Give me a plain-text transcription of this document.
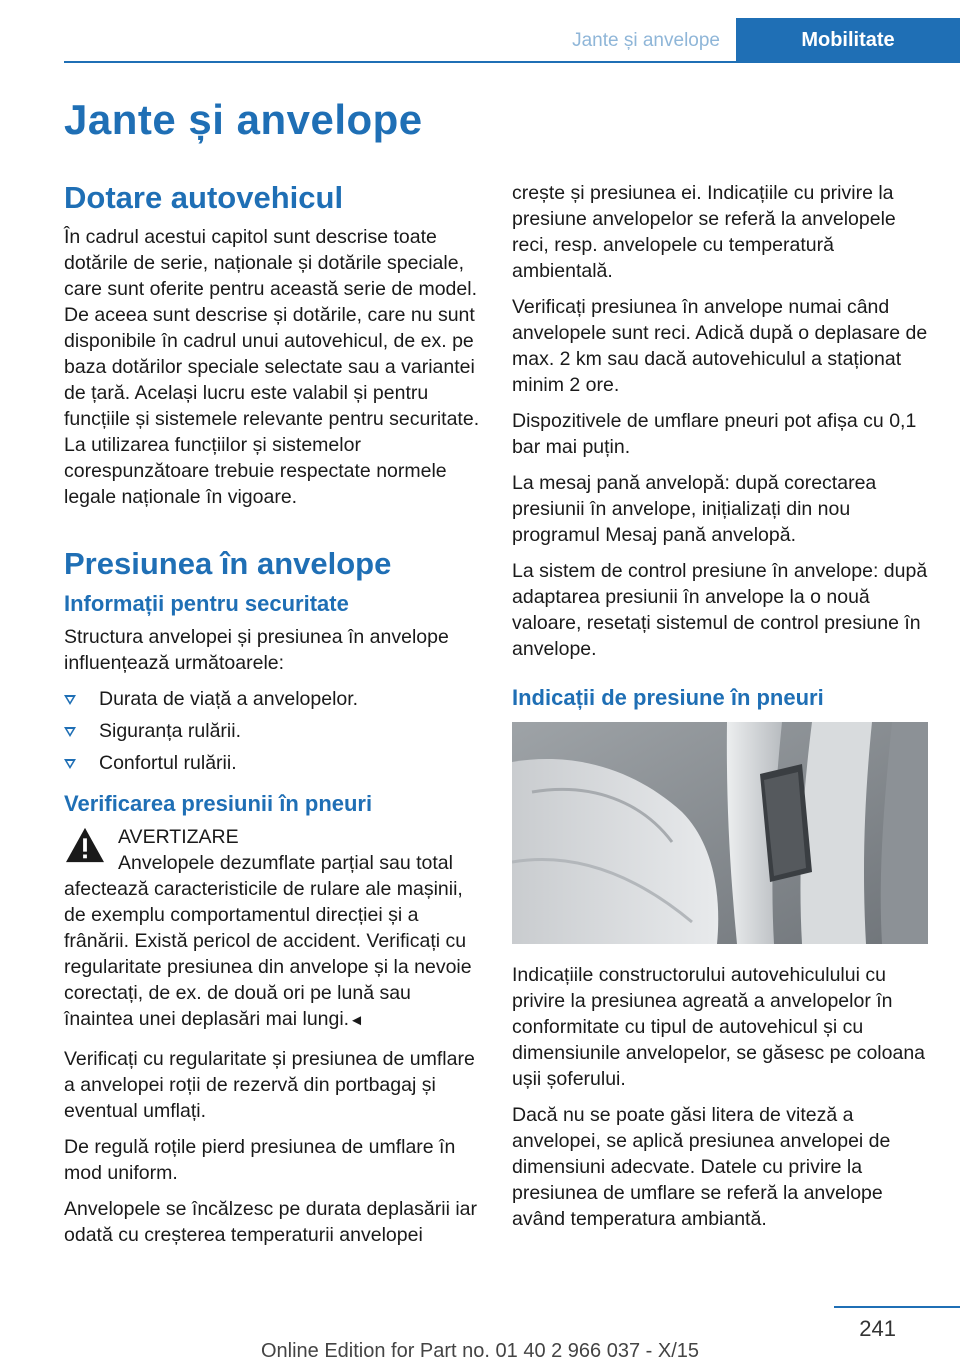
Jante și anvelope	Mobilitate
Jante și anvelope
Dotare autovehicul

În cadrul acestui capitol sunt descrise toate dotările de serie, naționale și dotările speciale, care sunt oferite pentru această serie de model. De aceea sunt descrise și dotările, care nu sunt disponibile în cadrul unui autovehicul, de ex. pe baza dotărilor speciale selectate sau a variantei de țară. Același lucru este valabil și pentru funcțiile și sistemele relevante pentru securitate. La utilizarea funcțiilor și sistemelor corespunzătoare trebuie respectate normele legale naționale în vigoare.

Presiunea în anvelope
Informații pentru securitate

Structura anvelopei și presiunea în anvelope influențează următoarele:

Durata de viață a anvelopelor.
Siguranța rulării.
Confortul rulării.
Verificarea presiunii în pneuri
AVERTIZARE
Anvelopele dezumflate parțial sau total afectează caracteristicile de rulare ale mașinii, de exemplu comportamentul direcției și a frânării. Există pericol de accident. Verificați cu regularitate presiunea din anvelope și la nevoie corectați, de ex. de două ori pe lună sau înaintea unei deplasări mai lungi.◄

Verificați cu regularitate și presiunea de umflare a anvelopei roții de rezervă din portbagaj și eventual umflați.

De regulă roțile pierd presiunea de umflare în mod uniform.

Anvelopele se încălzesc pe durata deplasării iar odată cu creșterea temperaturii anvelopei

crește și presiunea ei. Indicațiile cu privire la presiune anvelopelor se referă la anvelopele reci, resp. anvelopele cu temperatură ambientală.

Verificați presiunea în anvelope numai când anvelopele sunt reci. Adică după o deplasare de max. 2 km sau dacă autovehiculul a staționat minim 2 ore.

Dispozitivele de umflare pneuri pot afișa cu 0,1 bar mai puțin.

La mesaj pană anvelopă: după corectarea presiunii în anvelope, inițializați din nou programul Mesaj pană anvelopă.

La sistem de control presiune în anvelope: după adaptarea presiunii în anvelope la o nouă valoare, resetați sistemul de control presiune în anvelope.

Indicații de presiune în pneuri

Indicațiile constructorului autovehiculului cu privire la presiunea agreată a anvelopelor în conformitate cu tipul de autovehicul și cu dimensiunile anvelopelor, se găsesc pe coloana ușii șoferului.

Dacă nu se poate găsi litera de viteză a anvelopei, se aplică presiunea anvelopei de dimensiuni adecvate. Datele cu privire la presiunea de umflare se referă la anvelope având temperatura ambiantă.

241
Online Edition for Part no. 01 40 2 966 037 - X/15
